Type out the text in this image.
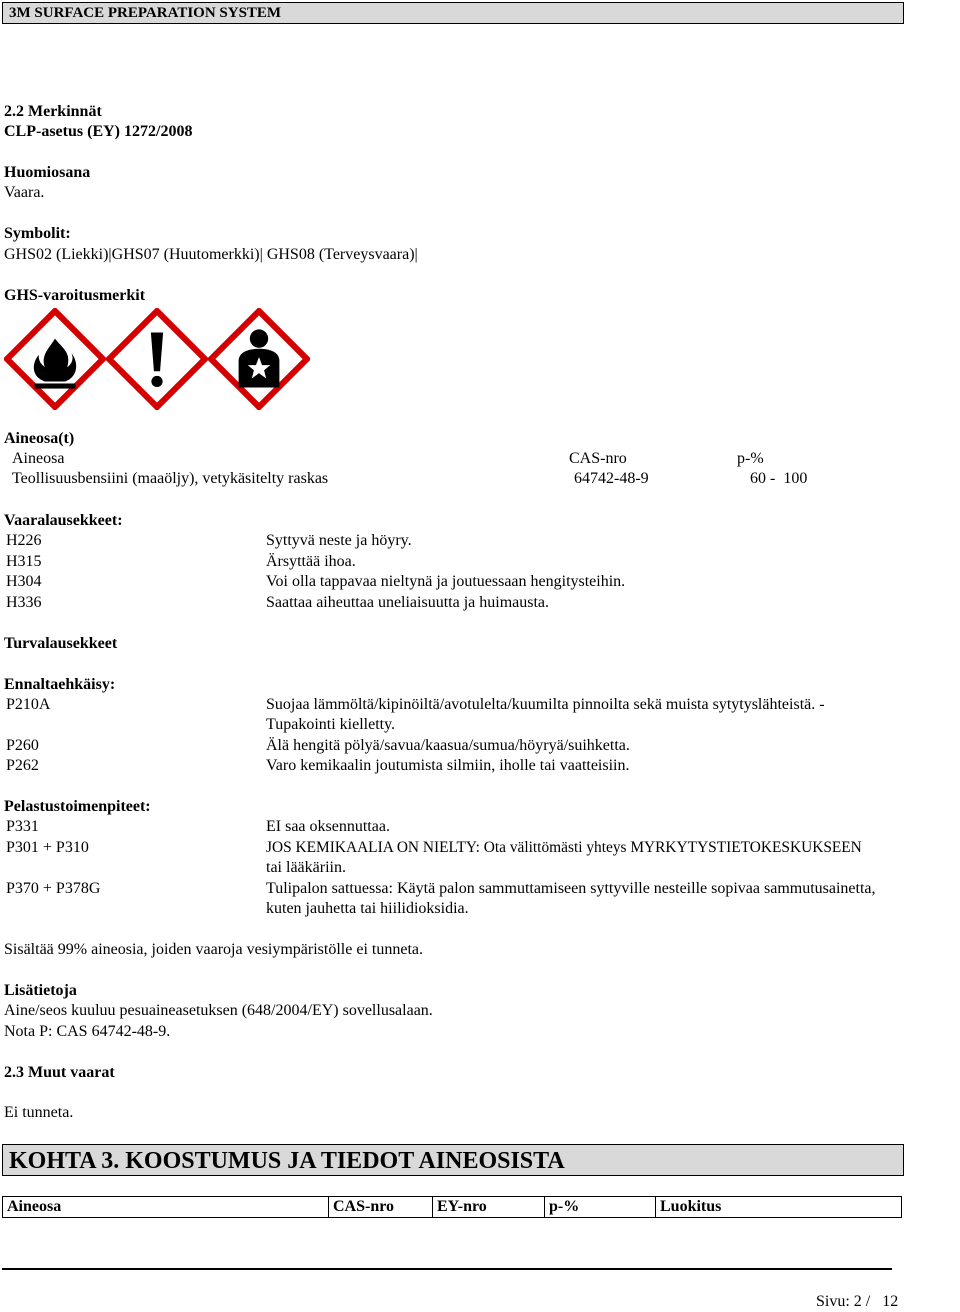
3M SURFACE PREPARATION SYSTEM
2.2 Merkinnät
CLP-asetus (EY) 1272/2008
Huomiosana
Vaara.
Symbolit:
GHS02 (Liekki)|GHS07 (Huutomerkki)| GHS08 (Terveysvaara)|
GHS-varoitusmerkit
Aineosa(t)
Aineosa	CAS-nro	p-%
Teollisuusbensiini (maaöljy), vetykäsitelty raskas	64742-48-9	60 -  100
Vaaralausekkeet:
H226	Syttyvä neste ja höyry.
H315	Ärsyttää ihoa.
H304	Voi olla tappavaa nieltynä ja joutuessaan hengitysteihin.
H336	Saattaa aiheuttaa uneliaisuutta ja huimausta.
Turvalausekkeet
Ennaltaehkäisy:
P210A	Suojaa lämmöltä/kipinöiltä/avotulelta/kuumilta pinnoilta sekä muista sytytyslähteistä. -
Tupakointi kielletty.
P260	Älä hengitä pölyä/savua/kaasua/sumua/höyryä/suihketta.
P262	Varo kemikaalin joutumista silmiin, iholle tai vaatteisiin.
Pelastustoimenpiteet:
P331	EI saa oksennuttaa.
P301 + P310	JOS KEMIKAALIA ON NIELTY: Ota välittömästi yhteys MYRKYTYSTIETOKESKUKSEEN
tai lääkäriin.
P370 + P378G	Tulipalon sattuessa: Käytä palon sammuttamiseen syttyville nesteille sopivaa sammutusainetta,
kuten jauhetta tai hiilidioksidia.
Sisältää 99% aineosia, joiden vaaroja vesiympäristölle ei tunneta.
Lisätietoja
Aine/seos kuuluu pesuaineasetuksen (648/2004/EY) sovellusalaan.
Nota P: CAS 64742-48-9.
2.3 Muut vaarat
Ei tunneta.
KOHTA 3. KOOSTUMUS JA TIEDOT AINEOSISTA
Aineosa	CAS-nro	EY-nro	p-%	Luokitus
Sivu: 2 /   12
